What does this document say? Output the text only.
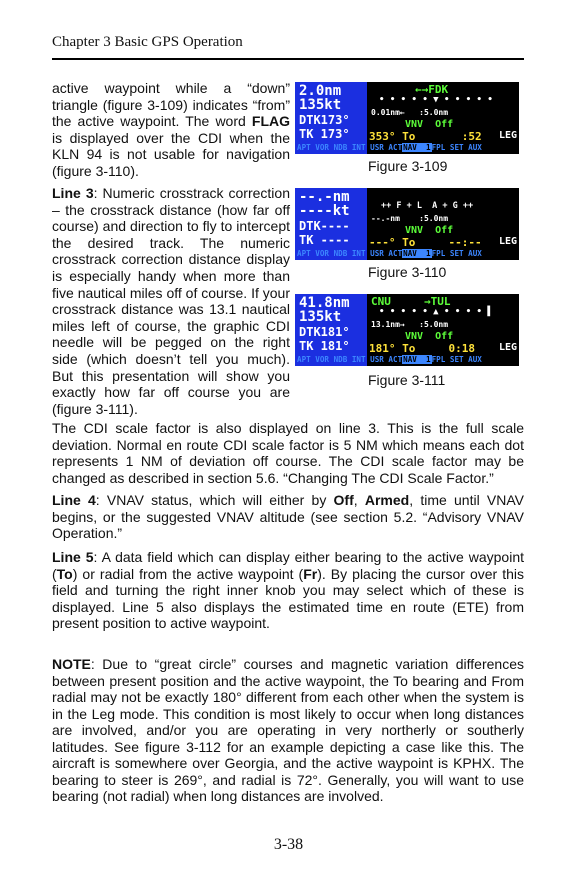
Chapter 3 Basic GPS Operation

active waypoint while a “down” triangle (figure 3-109) indicates “from” the active waypoint. The word FLAG is displayed over the CDI when the KLN 94 is not usable for navigation (figure 3-110).

Line 3: Numeric crosstrack correction – the crosstrack distance (how far off course) and direction to fly to intercept the desired track. The numeric crosstrack correction distance display is especially handy when more than five nautical miles off of course. If your crosstrack distance was 13.1 nautical miles left of course, the graphic CDI needle will be pegged on the right side (which doesn’t tell you much). But this presentation will show you exactly how far off course you are (figure 3-111).

2.0nm
135kt
DTK173°
TK 173°
←→FDK
• • • • • ▼ • • • • •
0.01nm←   :5.0nm
VNV  Off
353° To       :52 LEG
APT VOR NDB INT USR ACTNAV  1FPL SET AUX
Figure 3-109
--.-nm
----kt
DTK----
TK ----
++ F + L  A + G ++
--.-nm    :5.0nm
VNV  Off
---° To     --:-- LEG
APT VOR NDB INT USR ACTNAV  1FPL SET AUX
Figure 3-110
41.8nm
135kt
DTK181°
TK 181°
CNU     →TUL
• • • • • ▲ • • • • ▌
13.1nm→   :5.0nm
VNV  Off
181° To     0:18 LEG
APT VOR NDB INT USR ACTNAV  1FPL SET AUX
Figure 3-111

The CDI scale factor is also displayed on line 3. This is the full scale deviation. Normal en route CDI scale factor is 5 NM which means each dot represents 1 NM of deviation off course. The CDI scale factor may be changed as described in section 5.6. “Changing The CDI Scale Factor.”

Line 4: VNAV status, which will either by Off, Armed, time until VNAV begins, or the suggested VNAV altitude (see section 5.2. “Advisory VNAV Operation.”

Line 5: A data field which can display either bearing to the active waypoint (To) or radial from the active waypoint (Fr). By placing the cursor over this field and turning the right inner knob you may select which of these is displayed. Line 5 also displays the estimated time en route (ETE) from present position to active waypoint.

NOTE: Due to “great circle” courses and magnetic variation differences between present position and the active waypoint, the To bearing and From radial may not be exactly 180° different from each other when the system is in the Leg mode. This condition is most likely to occur when long distances are involved, and/or you are operating in very northerly or southerly latitudes. See figure 3-112 for an example depicting a case like this. The aircraft is somewhere over Georgia, and the active waypoint is KPHX. The bearing to steer is 269°, and radial is 72°. Generally, you will want to use bearing (not radial) when long distances are involved.

3-38
